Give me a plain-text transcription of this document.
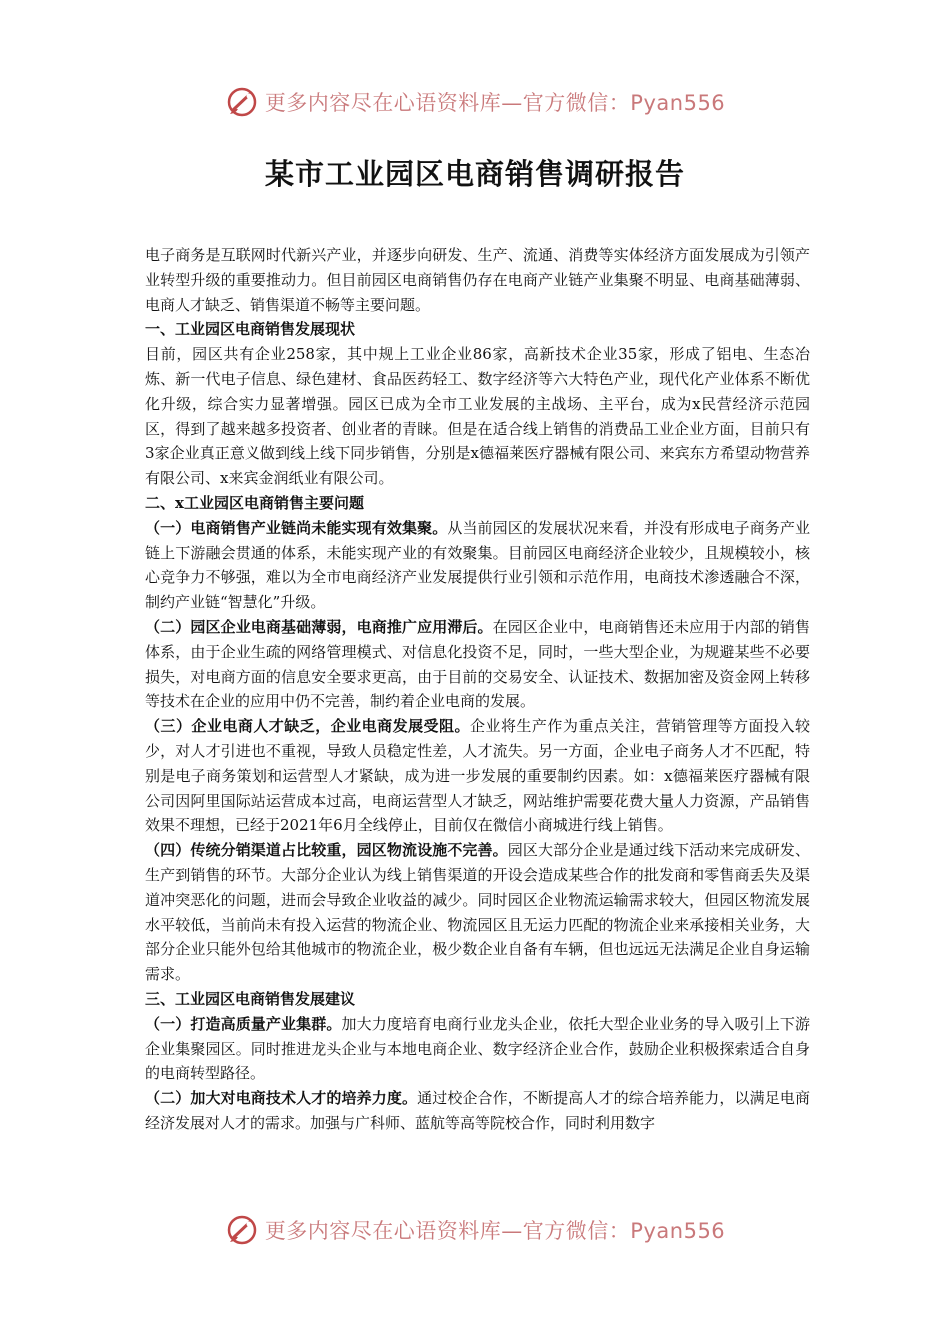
更多内容尽在心语资料库—官方微信：Pyan556
某市工业园区电商销售调研报告

电子商务是互联网时代新兴产业，并逐步向研发、生产、流通、消费等实体经济方面发展成为引领产业转型升级的重要推动力。但目前园区电商销售仍存在电商产业链产业集聚不明显、电商基础薄弱、电商人才缺乏、销售渠道不畅等主要问题。

一、工业园区电商销售发展现状

目前，园区共有企业258家，其中规上工业企业86家，高新技术企业35家，形成了铝电、生态冶炼、新一代电子信息、绿色建材、食品医药轻工、数字经济等六大特色产业，现代化产业体系不断优化升级，综合实力显著增强。园区已成为全市工业发展的主战场、主平台，成为x民营经济示范园区，得到了越来越多投资者、创业者的青睐。但是在适合线上销售的消费品工业企业方面，目前只有3家企业真正意义做到线上线下同步销售，分别是x德福莱医疗器械有限公司、来宾东方希望动物营养有限公司、x来宾金润纸业有限公司。

二、x工业园区电商销售主要问题

（一）电商销售产业链尚未能实现有效集聚。从当前园区的发展状况来看，并没有形成电子商务产业链上下游融会贯通的体系，未能实现产业的有效聚集。目前园区电商经济企业较少，且规模较小，核心竞争力不够强，难以为全市电商经济产业发展提供行业引领和示范作用，电商技术渗透融合不深，制约产业链“智慧化”升级。

（二）园区企业电商基础薄弱，电商推广应用滞后。在园区企业中，电商销售还未应用于内部的销售体系，由于企业生疏的网络管理模式、对信息化投资不足，同时，一些大型企业，为规避某些不必要损失，对电商方面的信息安全要求更高，由于目前的交易安全、认证技术、数据加密及资金网上转移等技术在企业的应用中仍不完善，制约着企业电商的发展。

（三）企业电商人才缺乏，企业电商发展受阻。企业将生产作为重点关注，营销管理等方面投入较少，对人才引进也不重视，导致人员稳定性差，人才流失。另一方面，企业电子商务人才不匹配，特别是电子商务策划和运营型人才紧缺，成为进一步发展的重要制约因素。如：x德福莱医疗器械有限公司因阿里国际站运营成本过高，电商运营型人才缺乏，网站维护需要花费大量人力资源，产品销售效果不理想，已经于2021年6月全线停止，目前仅在微信小商城进行线上销售。

（四）传统分销渠道占比较重，园区物流设施不完善。园区大部分企业是通过线下活动来完成研发、生产到销售的环节。大部分企业认为线上销售渠道的开设会造成某些合作的批发商和零售商丢失及渠道冲突恶化的问题，进而会导致企业收益的减少。同时园区企业物流运输需求较大，但园区物流发展水平较低，当前尚未有投入运营的物流企业、物流园区且无运力匹配的物流企业来承接相关业务，大部分企业只能外包给其他城市的物流企业，极少数企业自备有车辆，但也远远无法满足企业自身运输需求。

三、工业园区电商销售发展建议

（一）打造高质量产业集群。加大力度培育电商行业龙头企业，依托大型企业业务的导入吸引上下游企业集聚园区。同时推进龙头企业与本地电商企业、数字经济企业合作，鼓励企业积极探索适合自身的电商转型路径。

（二）加大对电商技术人才的培养力度。通过校企合作，不断提高人才的综合培养能力，以满足电商经济发展对人才的需求。加强与广科师、蓝航等高等院校合作，同时利用数字

更多内容尽在心语资料库—官方微信：Pyan556
